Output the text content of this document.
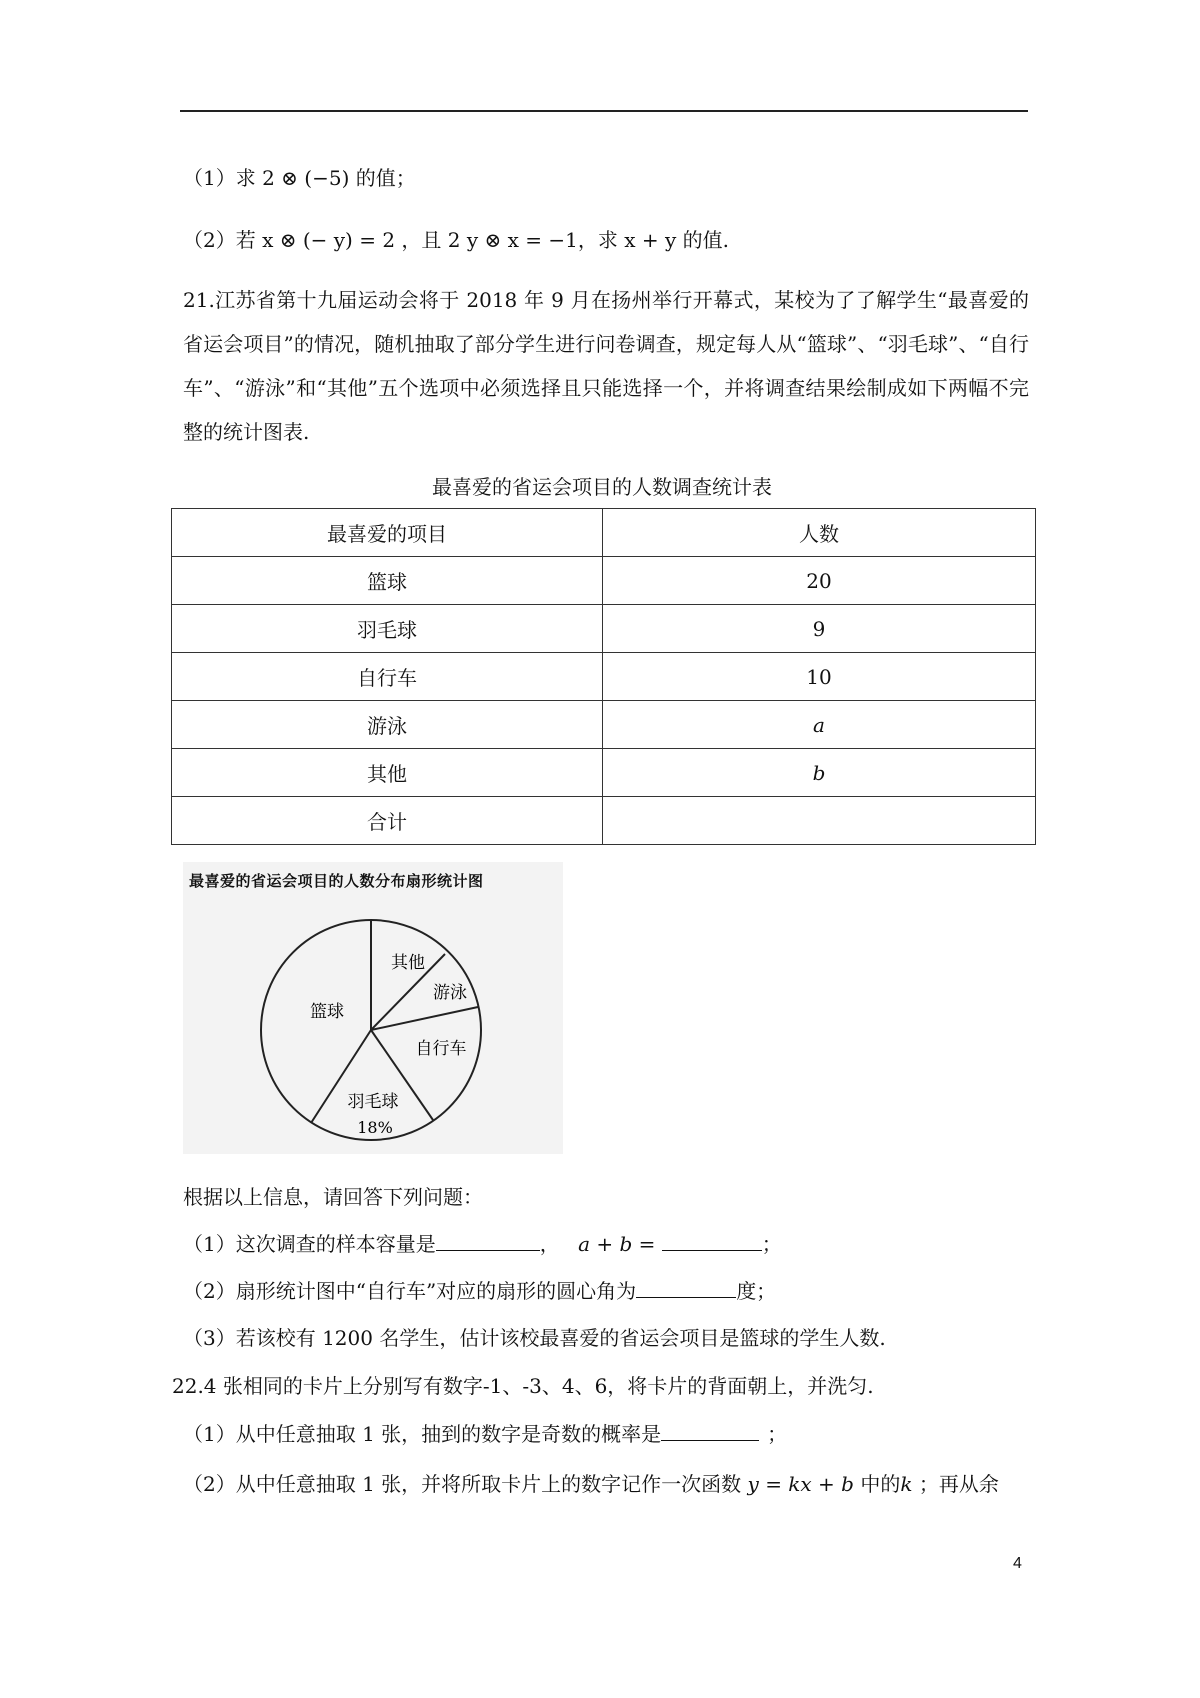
（1）求 2 ⊗ (−5) 的值；
（2）若 x ⊗ (− y) = 2 ，且 2 y ⊗ x = −1，求 x + y 的值.
21.江苏省第十九届运动会将于 2018 年 9 月在扬州举行开幕式，某校为了了解学生“最喜爱的省运会项目”的情况，随机抽取了部分学生进行问卷调查，规定每人从“篮球”、“羽毛球”、“自行车”、“游泳”和“其他”五个选项中必须选择且只能选择一个，并将调查结果绘制成如下两幅不完整的统计图表.
最喜爱的省运会项目的人数调查统计表
最喜爱的项目	人数
篮球	20
羽毛球	9
自行车	10
游泳	a
其他	b
合计	
最喜爱的省运会项目的人数分布扇形统计图
其他
游泳
自行车
羽毛球
18%
篮球
根据以上信息，请回答下列问题：
（1）这次调查的样本容量是	， a + b =	；
（2）扇形统计图中“自行车”对应的扇形的圆心角为	度；
（3）若该校有 1200 名学生，估计该校最喜爱的省运会项目是篮球的学生人数.
22.4 张相同的卡片上分别写有数字-1、-3、4、6，将卡片的背面朝上，并洗匀.
（1）从中任意抽取 1 张，抽到的数字是奇数的概率是	；
（2）从中任意抽取 1 张，并将所取卡片上的数字记作一次函数 y = kx + b 中的k ；再从余
4
